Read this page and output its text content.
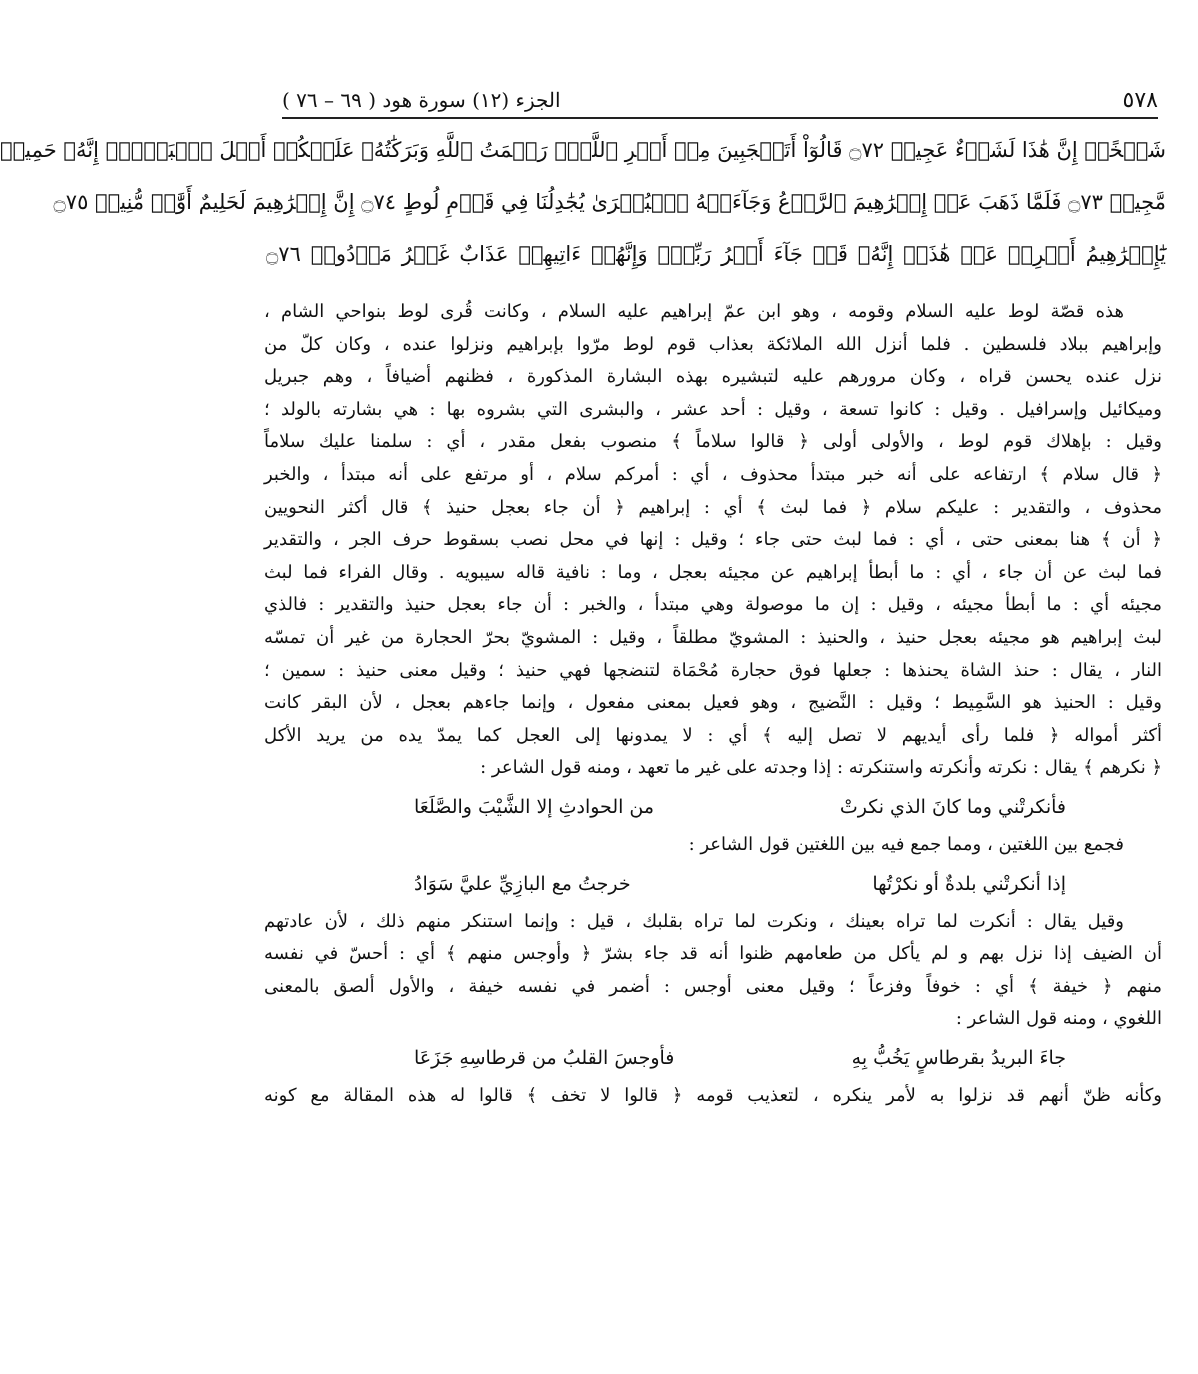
٥٧٨
الجزء (١٢) سورة هود ( ٦٩ – ٧٦ )
شَيۡخًاۖ إِنَّ هَٰذَا لَشَيۡءٌ عَجِيبٞ ۝٧٢ قَالُوٓاْ أَتَعۡجَبِينَ مِنۡ أَمۡرِ ٱللَّهِۖ رَحۡمَتُ ٱللَّهِ وَبَرَكَٰتُهُۥ عَلَيۡكُمۡ أَهۡلَ ٱلۡبَيۡتِۚ إِنَّهُۥ حَمِيدٞ
مَّجِيدٞ ۝٧٣ فَلَمَّا ذَهَبَ عَنۡ إِبۡرَٰهِيمَ ٱلرَّوۡعُ وَجَآءَتۡهُ ٱلۡبُشۡرَىٰ يُجَٰدِلُنَا فِي قَوۡمِ لُوطٍ ۝٧٤ إِنَّ إِبۡرَٰهِيمَ لَحَلِيمٌ أَوَّٰهٞ مُّنِيبٞ ۝٧٥
يَٰٓإِبۡرَٰهِيمُ أَعۡرِضۡ عَنۡ هَٰذَآۖ إِنَّهُۥ قَدۡ جَآءَ أَمۡرُ رَبِّكَۖ وَإِنَّهُمۡ ءَاتِيهِمۡ عَذَابٌ غَيۡرُ مَرۡدُودٖ ۝٧٦
هذه قصّة لوط عليه السلام وقومه ، وهو ابن عمّ إبراهيم عليه السلام ، وكانت قُرى لوط بنواحي الشام ،
وإبراهيم ببلاد فلسطين . فلما أنزل الله الملائكة بعذاب قوم لوط مرّوا بإبراهيم ونزلوا عنده ، وكان كلّ من
نزل عنده يحسن قراه ، وكان مرورهم عليه لتبشيره بهذه البشارة المذكورة ، فظنهم أضيافاً ، وهم جبريل
وميكائيل وإسرافيل . وقيل : كانوا تسعة ، وقيل : أحد عشر ، والبشرى التي بشروه بها : هي بشارته بالولد ؛
وقيل : بإهلاك قوم لوط ، والأولى أولى ﴿ قالوا سلاماً ﴾ منصوب بفعل مقدر ، أي : سلمنا عليك سلاماً
﴿ قال سلام ﴾ ارتفاعه على أنه خبر مبتدأ محذوف ، أي : أمركم سلام ، أو مرتفع على أنه مبتدأ ، والخبر
محذوف ، والتقدير : عليكم سلام ﴿ فما لبث ﴾ أي : إبراهيم ﴿ أن جاء بعجل حنيذ ﴾ قال أكثر النحويين
﴿ أن ﴾ هنا بمعنى حتى ، أي : فما لبث حتى جاء ؛ وقيل : إنها في محل نصب بسقوط حرف الجر ، والتقدير
فما لبث عن أن جاء ، أي : ما أبطأ إبراهيم عن مجيئه بعجل ، وما : نافية قاله سيبويه . وقال الفراء فما لبث
مجيئه أي : ما أبطأ مجيئه ، وقيل : إن ما موصولة وهي مبتدأ ، والخبر : أن جاء بعجل حنيذ والتقدير : فالذي
لبث إبراهيم هو مجيئه بعجل حنيذ ، والحنيذ : المشويّ مطلقاً ، وقيل : المشويّ بحرّ الحجارة من غير أن تمسّه
النار ، يقال : حنذ الشاة يحنذها : جعلها فوق حجارة مُحْمَاة لتنضجها فهي حنيذ ؛ وقيل معنى حنيذ : سمين ؛
وقيل : الحنيذ هو السَّمِيط ؛ وقيل : النَّضيج ، وهو فعيل بمعنى مفعول ، وإنما جاءهم بعجل ، لأن البقر كانت
أكثر أمواله ﴿ فلما رأى أيديهم لا تصل إليه ﴾ أي : لا يمدونها إلى العجل كما يمدّ يده من يريد الأكل
﴿ نكرهم ﴾ يقال : نكرته وأنكرته واستنكرته : إذا وجدته على غير ما تعهد ، ومنه قول الشاعر :
فأنكرتْني وما كانَ الذي نكرتْ
من الحوادثِ إلا الشَّيْبَ والصَّلَعَا
فجمع بين اللغتين ، ومما جمع فيه بين اللغتين قول الشاعر :
إذا أنكرتْني بلدةٌ أو نكرْتُها
خرجتُ مع البازِيِّ عليَّ سَوَادُ
وقيل يقال : أنكرت لما تراه بعينك ، ونكرت لما تراه بقلبك ، قيل : وإنما استنكر منهم ذلك ، لأن عادتهم
أن الضيف إذا نزل بهم و لم يأكل من طعامهم ظنوا أنه قد جاء بشرّ ﴿ وأوجس منهم ﴾ أي : أحسّ في نفسه
منهم ﴿ خيفة ﴾ أي : خوفاً وفزعاً ؛ وقيل معنى أوجس : أضمر في نفسه خيفة ، والأول ألصق بالمعنى
اللغوي ، ومنه قول الشاعر :
جاءَ البريدُ بقرطاسٍ يَخُبُّ بِهِ
فأوجسَ القلبُ من قرطاسِهِ جَزَعَا
وكأنه ظنّ أنهم قد نزلوا به لأمر ينكره ، لتعذيب قومه ﴿ قالوا لا تخف ﴾ قالوا له هذه المقالة مع كونه
